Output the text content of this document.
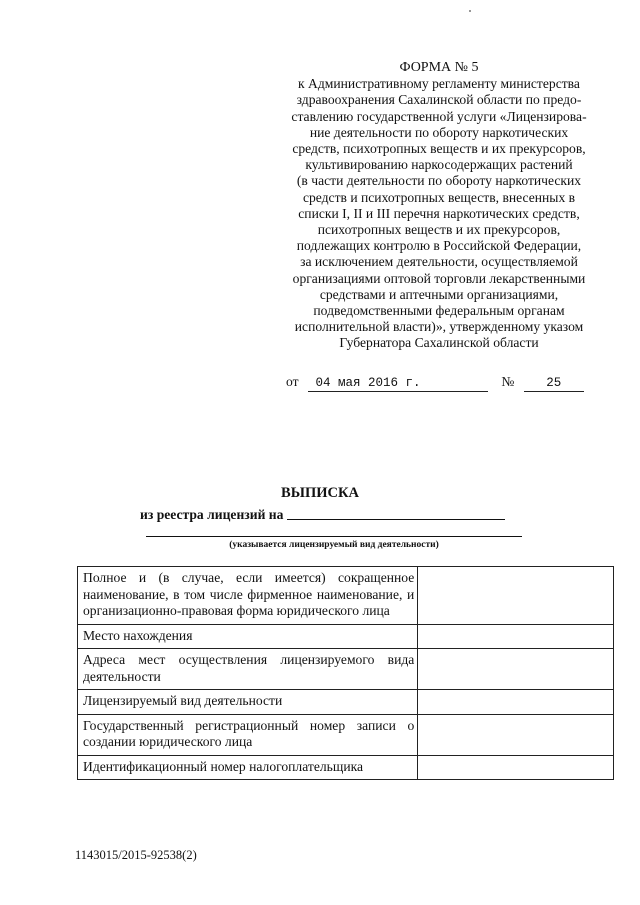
ФОРМА № 5
к Административному регламенту министерства
здравоохранения Сахалинской области по предо-
ставлению государственной услуги «Лицензирова-
ние деятельности по обороту наркотических
средств, психотропных веществ и их прекурсоров,
культивированию наркосодержащих растений
(в части деятельности по обороту наркотических
средств и психотропных веществ, внесенных в
списки I, II и III перечня наркотических средств,
психотропных веществ и их прекурсоров,
подлежащих контролю в Российской Федерации,
за исключением деятельности, осуществляемой
организациями оптовой торговли лекарственными
средствами и аптечными организациями,
подведомственными федеральным органам
исполнительной власти)», утвержденному указом
Губернатора Сахалинской области
от 04 мая 2016 г.	№	25
ВЫПИСКА
из реестра лицензий на
(указывается лицензируемый вид деятельности)
Полное и (в случае, если имеется) сокращенное наименование, в том числе фирменное наименование, и организационно-правовая форма юридического лица	
Место нахождения	
Адреса мест осуществления лицензируемого вида деятельности	
Лицензируемый вид деятельности	
Государственный регистрационный номер записи о создании юридического лица	
Идентификационный номер налогоплательщика	
1143015/2015-92538(2)
